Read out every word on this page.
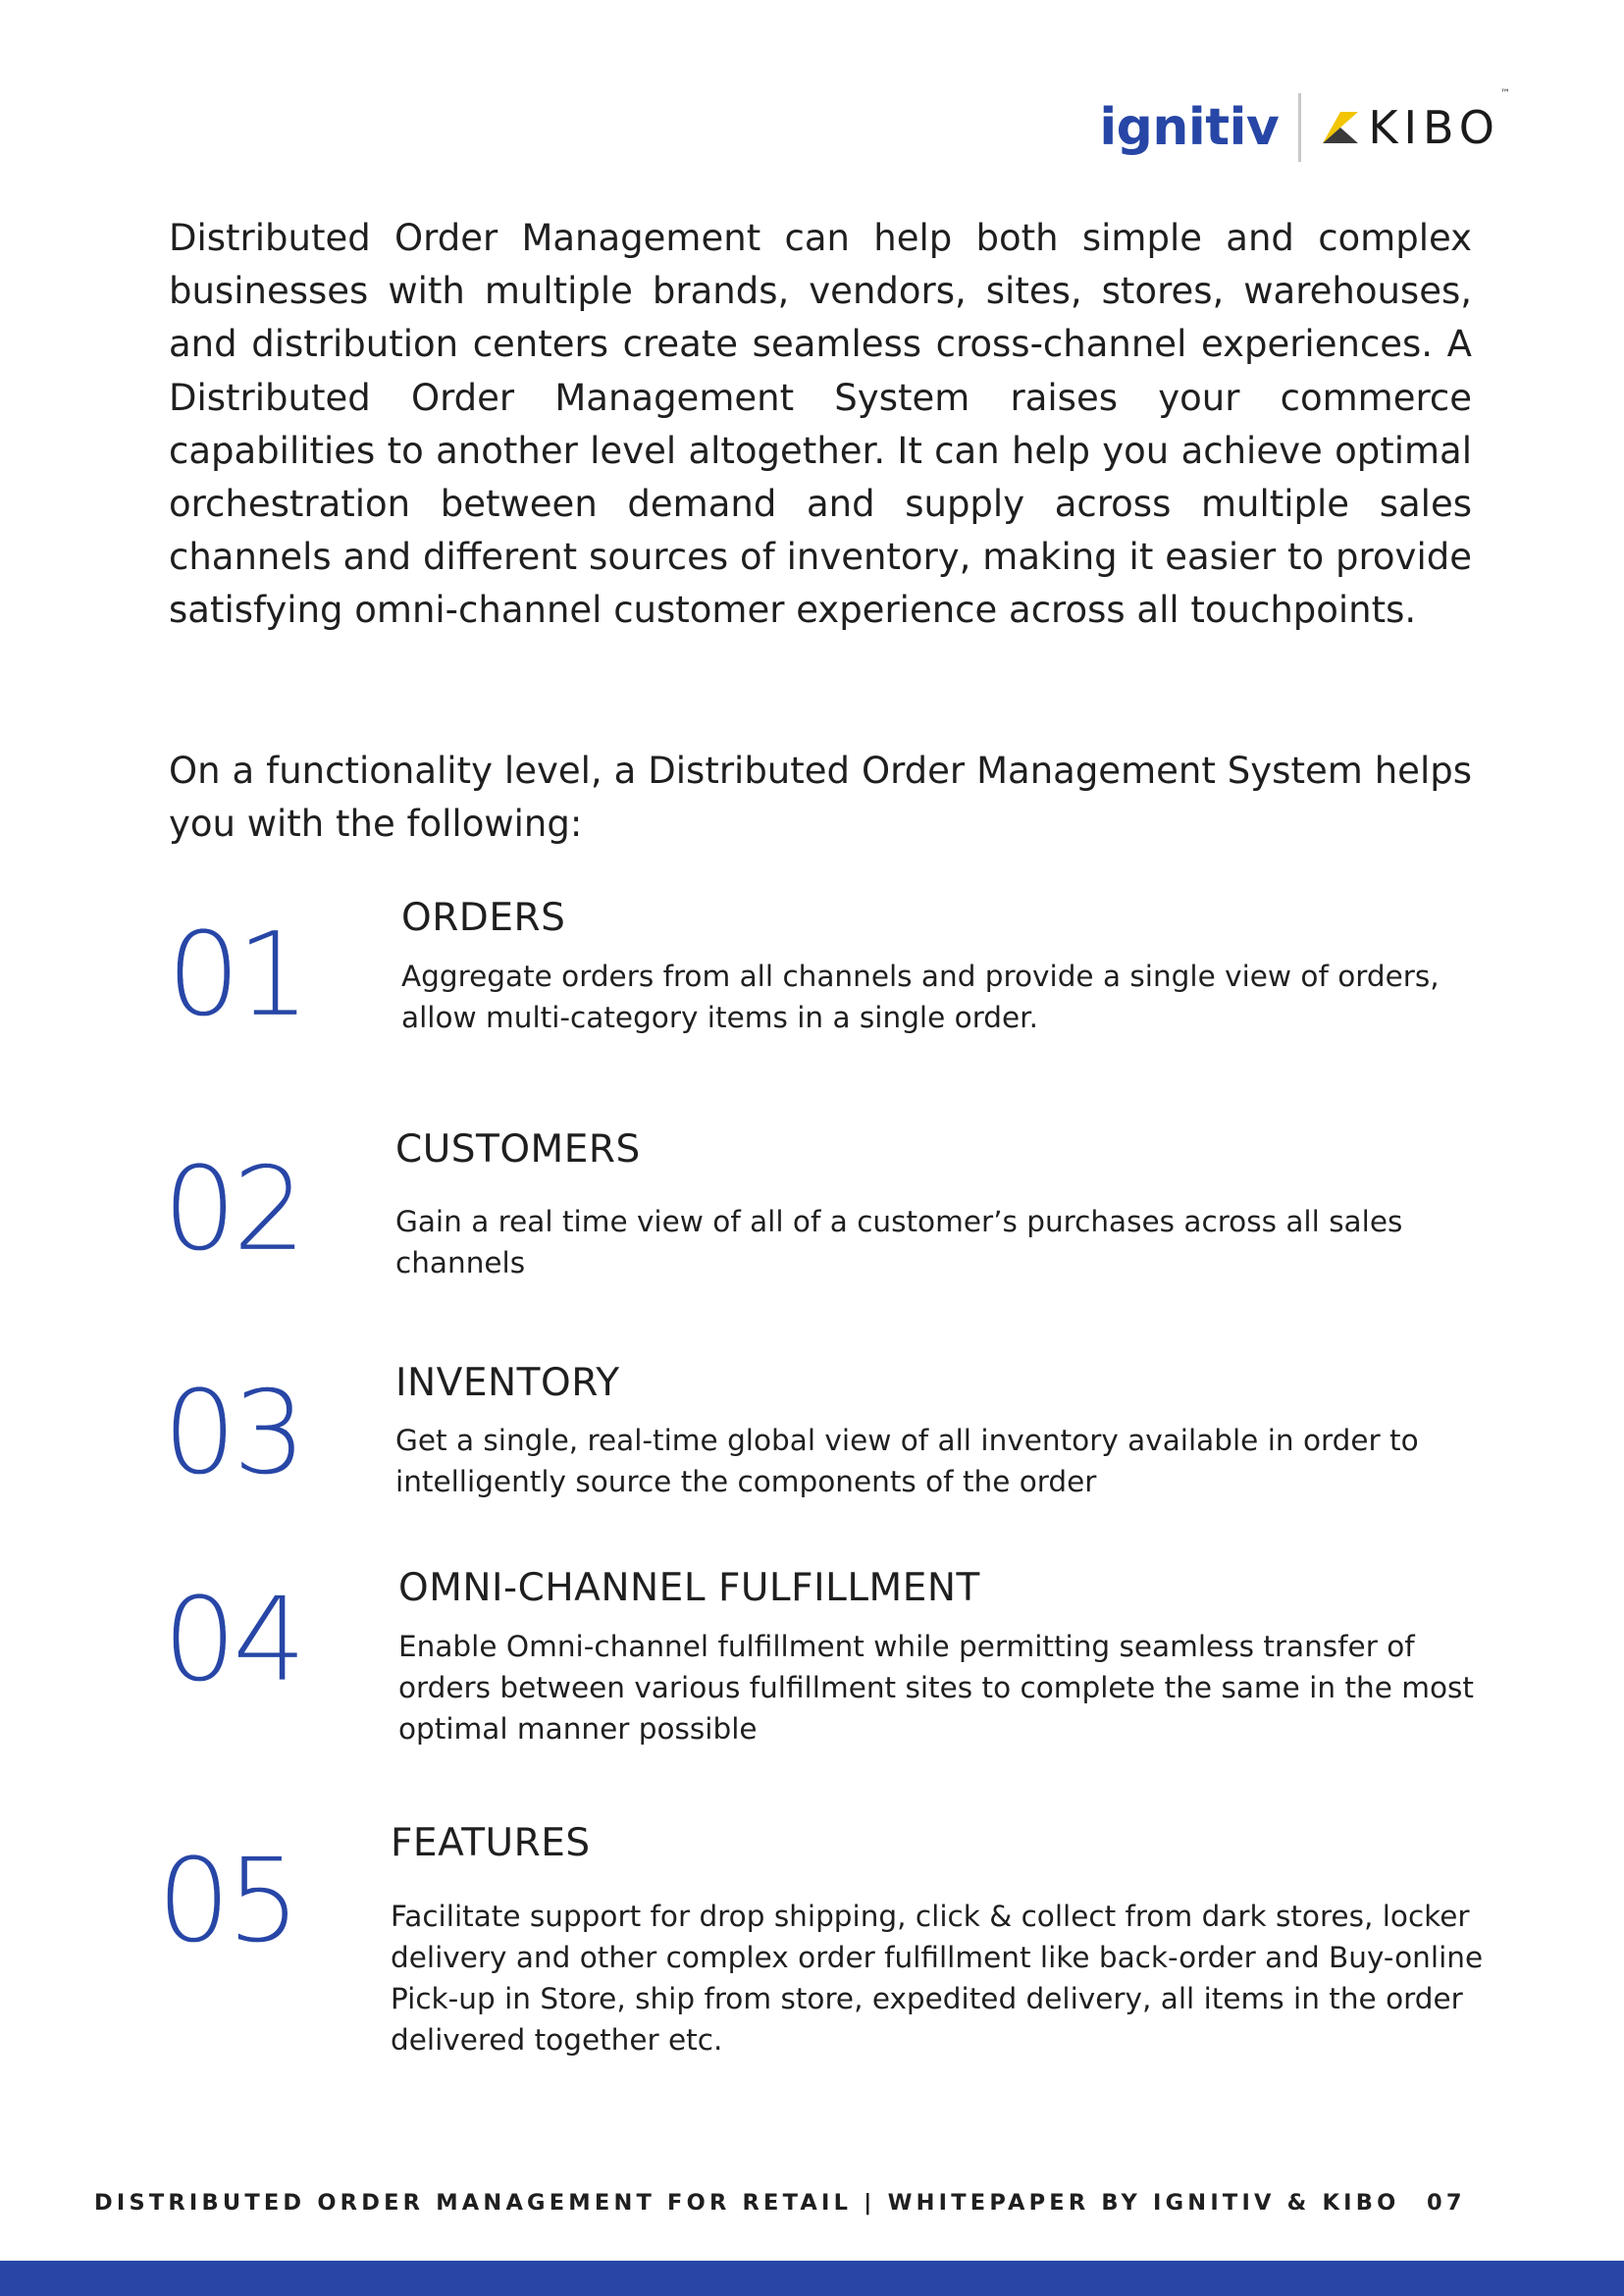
ignitiv KIBO™

Distributed Order Management can help both simple and complex businesses with multiple brands, vendors, sites, stores, warehouses, and distribution centers create seamless cross-channel experiences. A Distributed Order Management System raises your commerce capabilities to another level altogether. It can help you achieve optimal orchestration between demand and supply across multiple sales channels and different sources of inventory, making it easier to provide satisfying omni-channel customer experience across all touchpoints.

On a functionality level, a Distributed Order Management System helps you with the following:

01 ORDERS

Aggregate orders from all channels and provide a single view of orders, allow multi-category items in a single order.

02 CUSTOMERS

Gain a real time view of all of a customer’s purchases across all sales channels

03 INVENTORY

Get a single, real-time global view of all inventory available in order to intelligently source the components of the order

04	OMNI-CHANNEL FULFILLMENT

Enable Omni-channel fulfillment while permitting seamless transfer of orders between various fulfillment sites to complete the same in the most optimal manner possible

05 FEATURES

Facilitate support for drop shipping, click & collect from dark stores, locker delivery and other complex order fulfillment like back-order and Buy-online Pick-up in Store, ship from store, expedited delivery, all items in the order delivered together etc.

DISTRIBUTED ORDER MANAGEMENT FOR RETAIL | WHITEPAPER BY IGNITIV & KIBO 07
